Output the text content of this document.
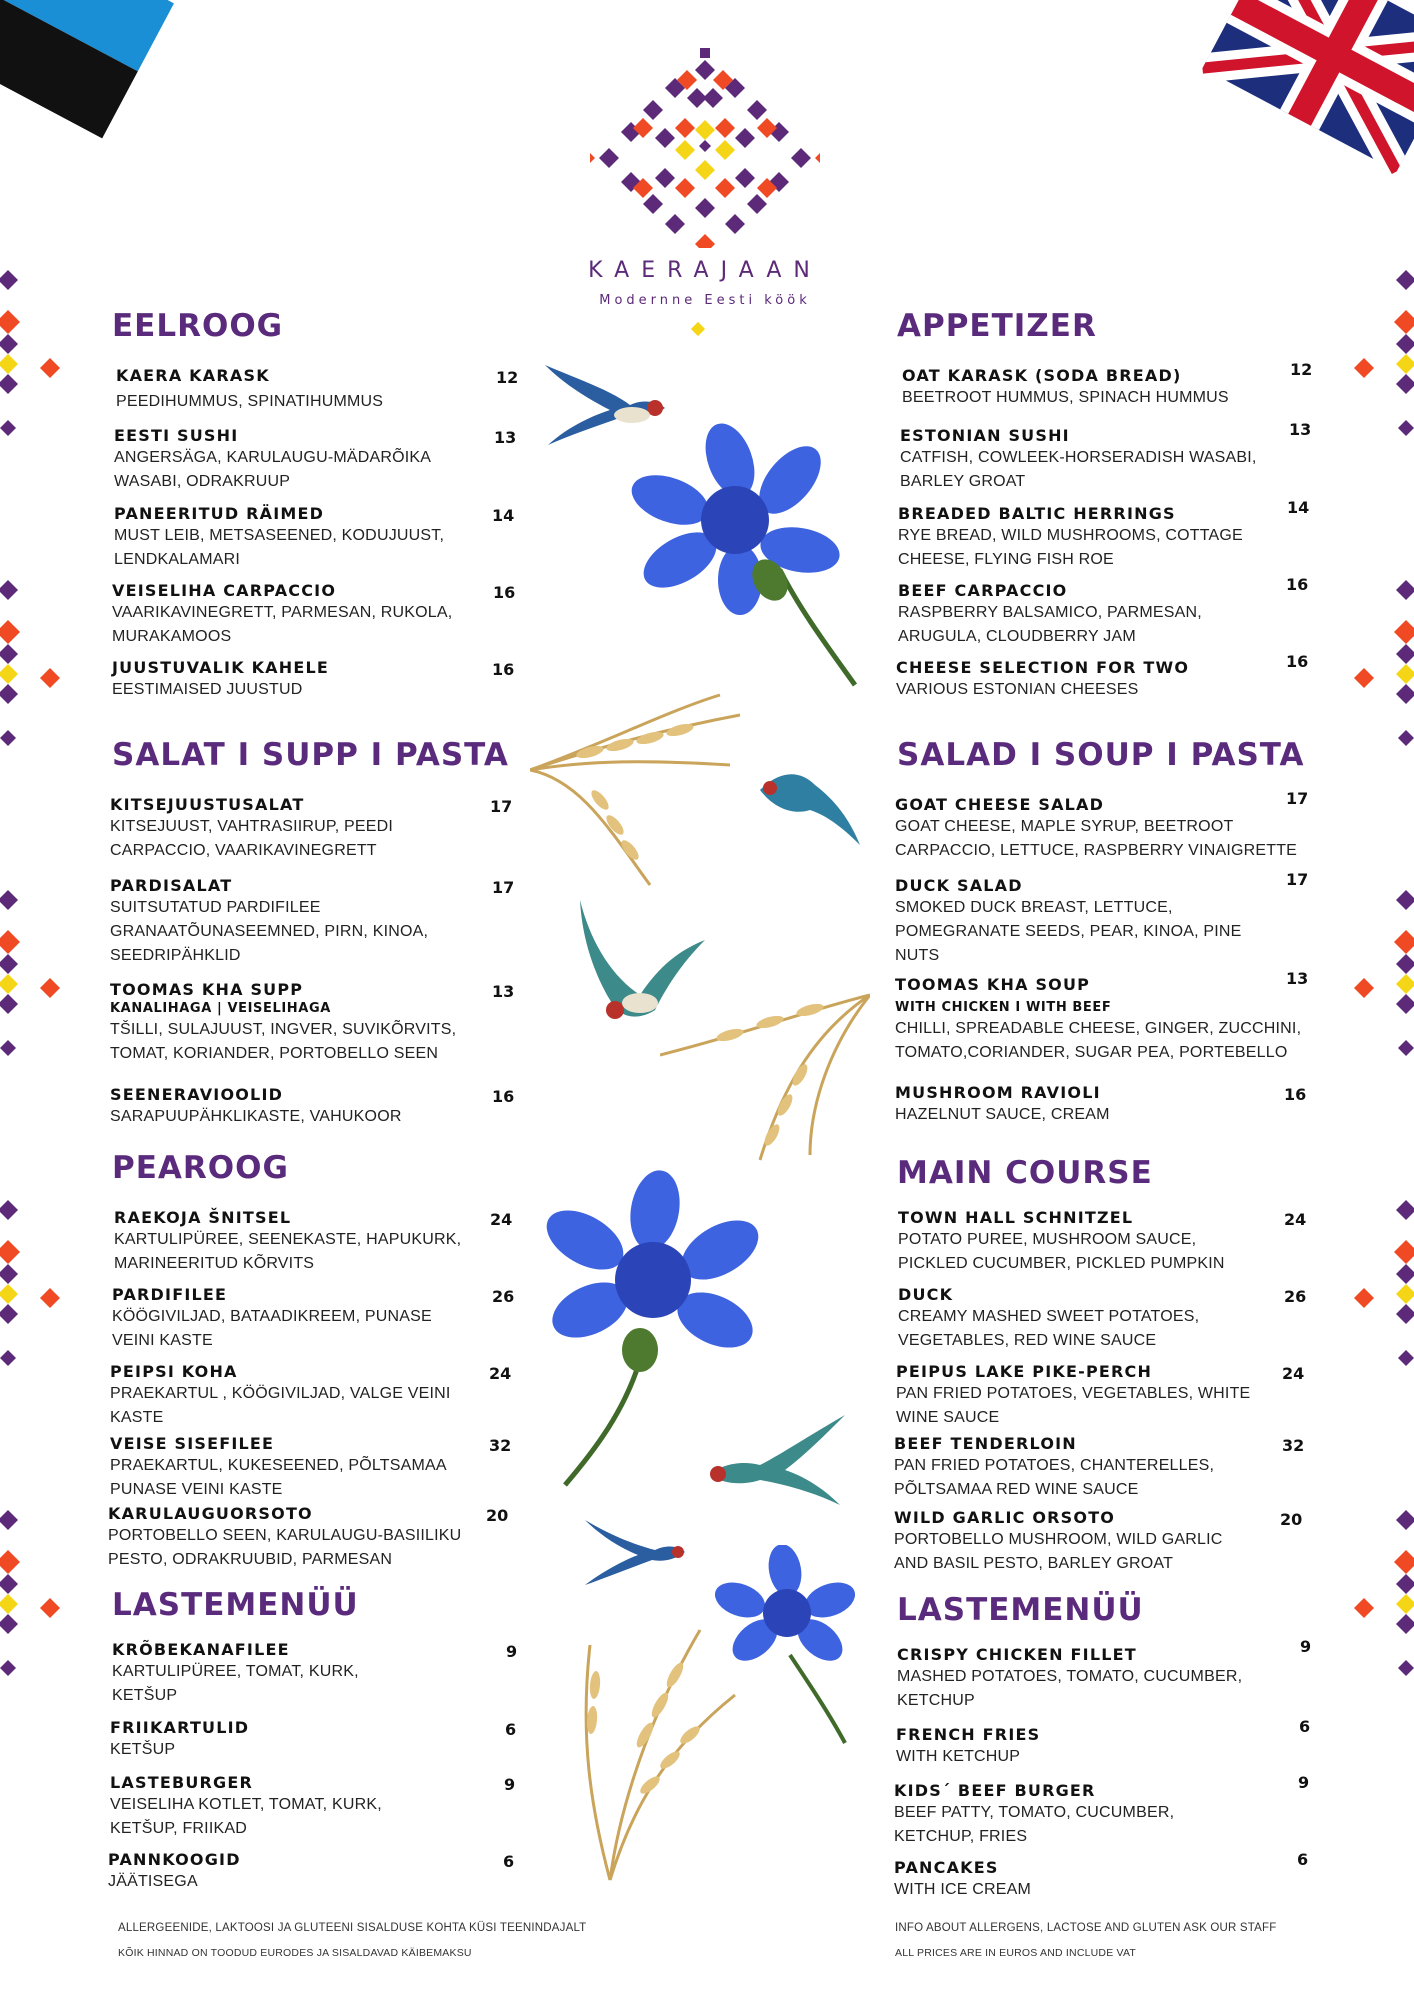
KAERAJAAN
Modernne Eesti köök
EELROOG
KAERA KARASK
PEEDIHUMMUS, SPINATIHUMMUS
12
EESTI SUSHI
ANGERSÄGA, KARULAUGU-MÄDARÕIKA WASABI, ODRAKRUUP
13
PANEERITUD RÄIMED
MUST LEIB, METSASEENED, KODUJUUST, LENDKALAMARI
14
VEISELIHA CARPACCIO
VAARIKAVINEGRETT, PARMESAN, RUKOLA, MURAKAMOOS
16
JUUSTUVALIK KAHELE
EESTIMAISED JUUSTUD
16
SALAT I SUPP I PASTA
KITSEJUUSTUSALAT
KITSEJUUST, VAHTRASIIRUP, PEEDI CARPACCIO, VAARIKAVINEGRETT
17
PARDISALAT
SUITSUTATUD PARDIFILEE GRANAATÕUNASEEMNED, PIRN, KINOA, SEEDRIPÄHKLID
17
TOOMAS KHA SUPP
KANALIHAGA | VEISELIHAGA
TŠILLI, SULAJUUST, INGVER, SUVIKÕRVITS, TOMAT, KORIANDER, PORTOBELLO SEEN
13
SEENERAVIOOLID
SARAPUUPÄHKLIKASTE, VAHUKOOR
16
PEAROOG
RAEKOJA ŠNITSEL
KARTULIPÜREE, SEENEKASTE, HAPUKURK, MARINEERITUD KÕRVITS
24
PARDIFILEE
KÖÖGIVILJAD, BATAADIKREEM, PUNASE VEINI KASTE
26
PEIPSI KOHA
PRAEKARTUL , KÖÖGIVILJAD, VALGE VEINI KASTE
24
VEISE SISEFILEE
PRAEKARTUL, KUKESEENED, PÕLTSAMAA PUNASE VEINI KASTE
32
KARULAUGUORSOTO
PORTOBELLO SEEN, KARULAUGU-BASIILIKU PESTO, ODRAKRUUBID, PARMESAN
20
LASTEMENÜÜ
KRÕBEKANAFILEE
KARTULIPÜREE, TOMAT, KURK, KETŠUP
9
FRIIKARTULID
KETŠUP
6
LASTEBURGER
VEISELIHA KOTLET, TOMAT, KURK, KETŠUP, FRIIKAD
9
PANNKOOGID
JÄÄTISEGA
6
ALLERGEENIDE, LAKTOOSI JA GLUTEENI SISALDUSE KOHTA KÜSI TEENINDAJALT
KÕIK HINNAD ON TOODUD EURODES JA SISALDAVAD KÄIBEMAKSU
APPETIZER
OAT KARASK (SODA BREAD)
BEETROOT HUMMUS, SPINACH HUMMUS
12
ESTONIAN SUSHI
CATFISH, COWLEEK-HORSERADISH WASABI, BARLEY GROAT
13
BREADED BALTIC HERRINGS
RYE BREAD, WILD MUSHROOMS, COTTAGE CHEESE, FLYING FISH ROE
14
BEEF CARPACCIO
RASPBERRY BALSAMICO, PARMESAN, ARUGULA, CLOUDBERRY JAM
16
CHEESE SELECTION FOR TWO
VARIOUS ESTONIAN CHEESES
16
SALAD I SOUP I PASTA
GOAT CHEESE SALAD
GOAT CHEESE, MAPLE SYRUP, BEETROOT CARPACCIO, LETTUCE, RASPBERRY VINAIGRETTE
17
DUCK SALAD
SMOKED DUCK BREAST, LETTUCE, POMEGRANATE SEEDS, PEAR, KINOA, PINE NUTS
17
TOOMAS KHA SOUP
WITH CHICKEN I WITH BEEF
CHILLI, SPREADABLE CHEESE, GINGER, ZUCCHINI, TOMATO,CORIANDER, SUGAR PEA, PORTEBELLO
13
MUSHROOM RAVIOLI
HAZELNUT SAUCE, CREAM
16
MAIN COURSE
TOWN HALL SCHNITZEL
POTATO PUREE, MUSHROOM SAUCE, PICKLED CUCUMBER, PICKLED PUMPKIN
24
DUCK
CREAMY MASHED SWEET POTATOES, VEGETABLES, RED WINE SAUCE
26
PEIPUS LAKE PIKE-PERCH
PAN FRIED POTATOES, VEGETABLES, WHITE WINE SAUCE
24
BEEF TENDERLOIN
PAN FRIED POTATOES, CHANTERELLES, PÕLTSAMAA RED WINE SAUCE
32
WILD GARLIC ORSOTO
PORTOBELLO MUSHROOM, WILD GARLIC AND BASIL PESTO, BARLEY GROAT
20
LASTEMENÜÜ
CRISPY CHICKEN FILLET
MASHED POTATOES, TOMATO, CUCUMBER, KETCHUP
9
FRENCH FRIES
WITH KETCHUP
6
KIDS´ BEEF BURGER
BEEF PATTY, TOMATO, CUCUMBER, KETCHUP, FRIES
9
PANCAKES
WITH ICE CREAM
6
INFO ABOUT ALLERGENS, LACTOSE AND GLUTEN ASK OUR STAFF
ALL PRICES ARE IN EUROS AND INCLUDE VAT
